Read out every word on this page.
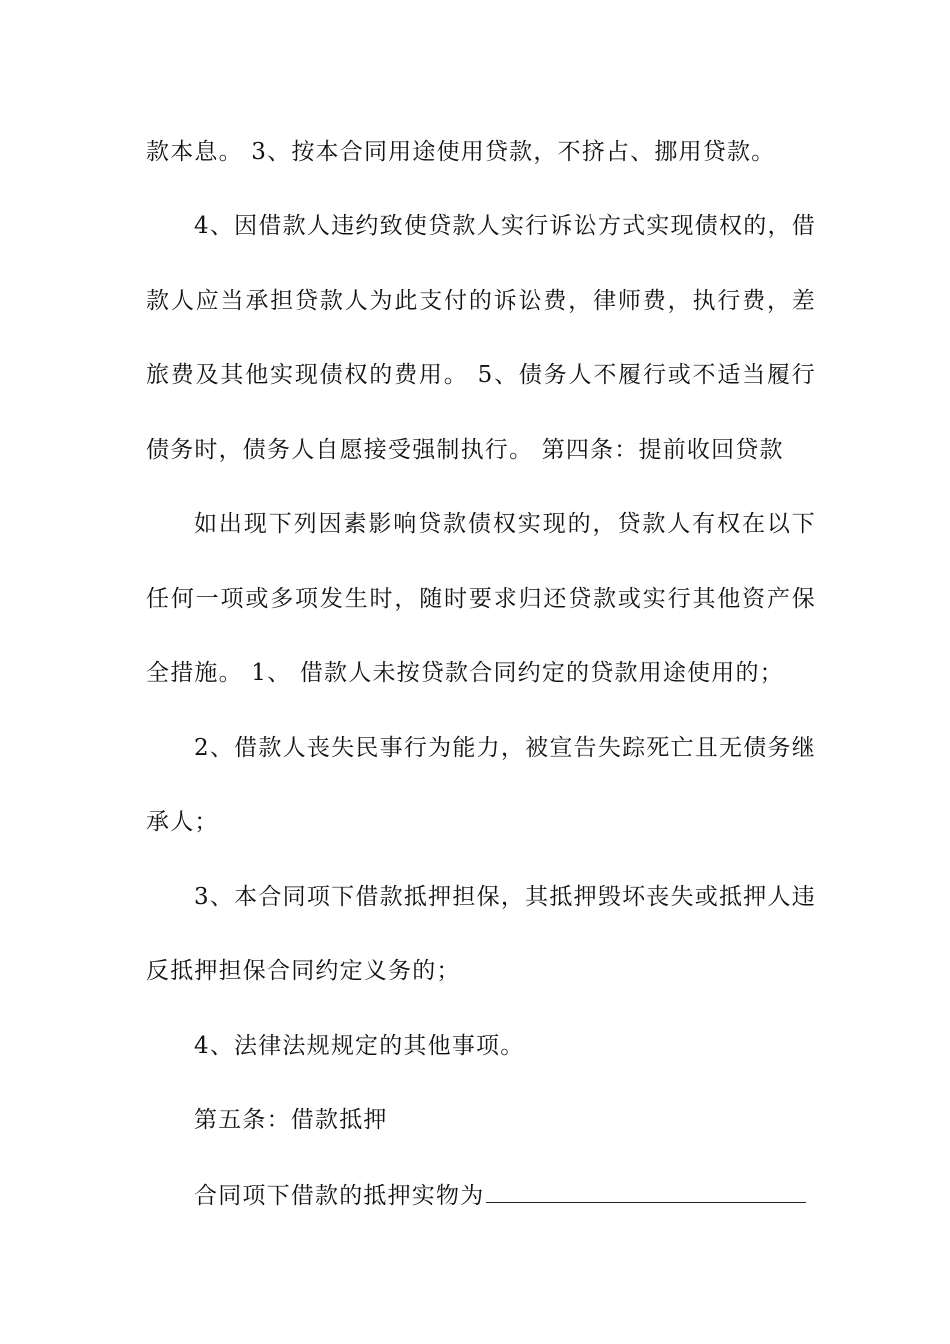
款本息。 3、按本合同用途使用贷款，不挤占、挪用贷款。
4、因借款人违约致使贷款人实行诉讼方式实现债权的，借
款人应当承担贷款人为此支付的诉讼费，律师费，执行费，差
旅费及其他实现债权的费用。 5、债务人不履行或不适当履行
债务时，债务人自愿接受强制执行。 第四条：提前收回贷款
如出现下列因素影响贷款债权实现的，贷款人有权在以下
任何一项或多项发生时，随时要求归还贷款或实行其他资产保
全措施。 1、 借款人未按贷款合同约定的贷款用途使用的；
2、借款人丧失民事行为能力，被宣告失踪死亡且无债务继
承人；
3、本合同项下借款抵押担保，其抵押毁坏丧失或抵押人违
反抵押担保合同约定义务的；
4、法律法规规定的其他事项。
第五条：借款抵押
合同项下借款的抵押实物为
